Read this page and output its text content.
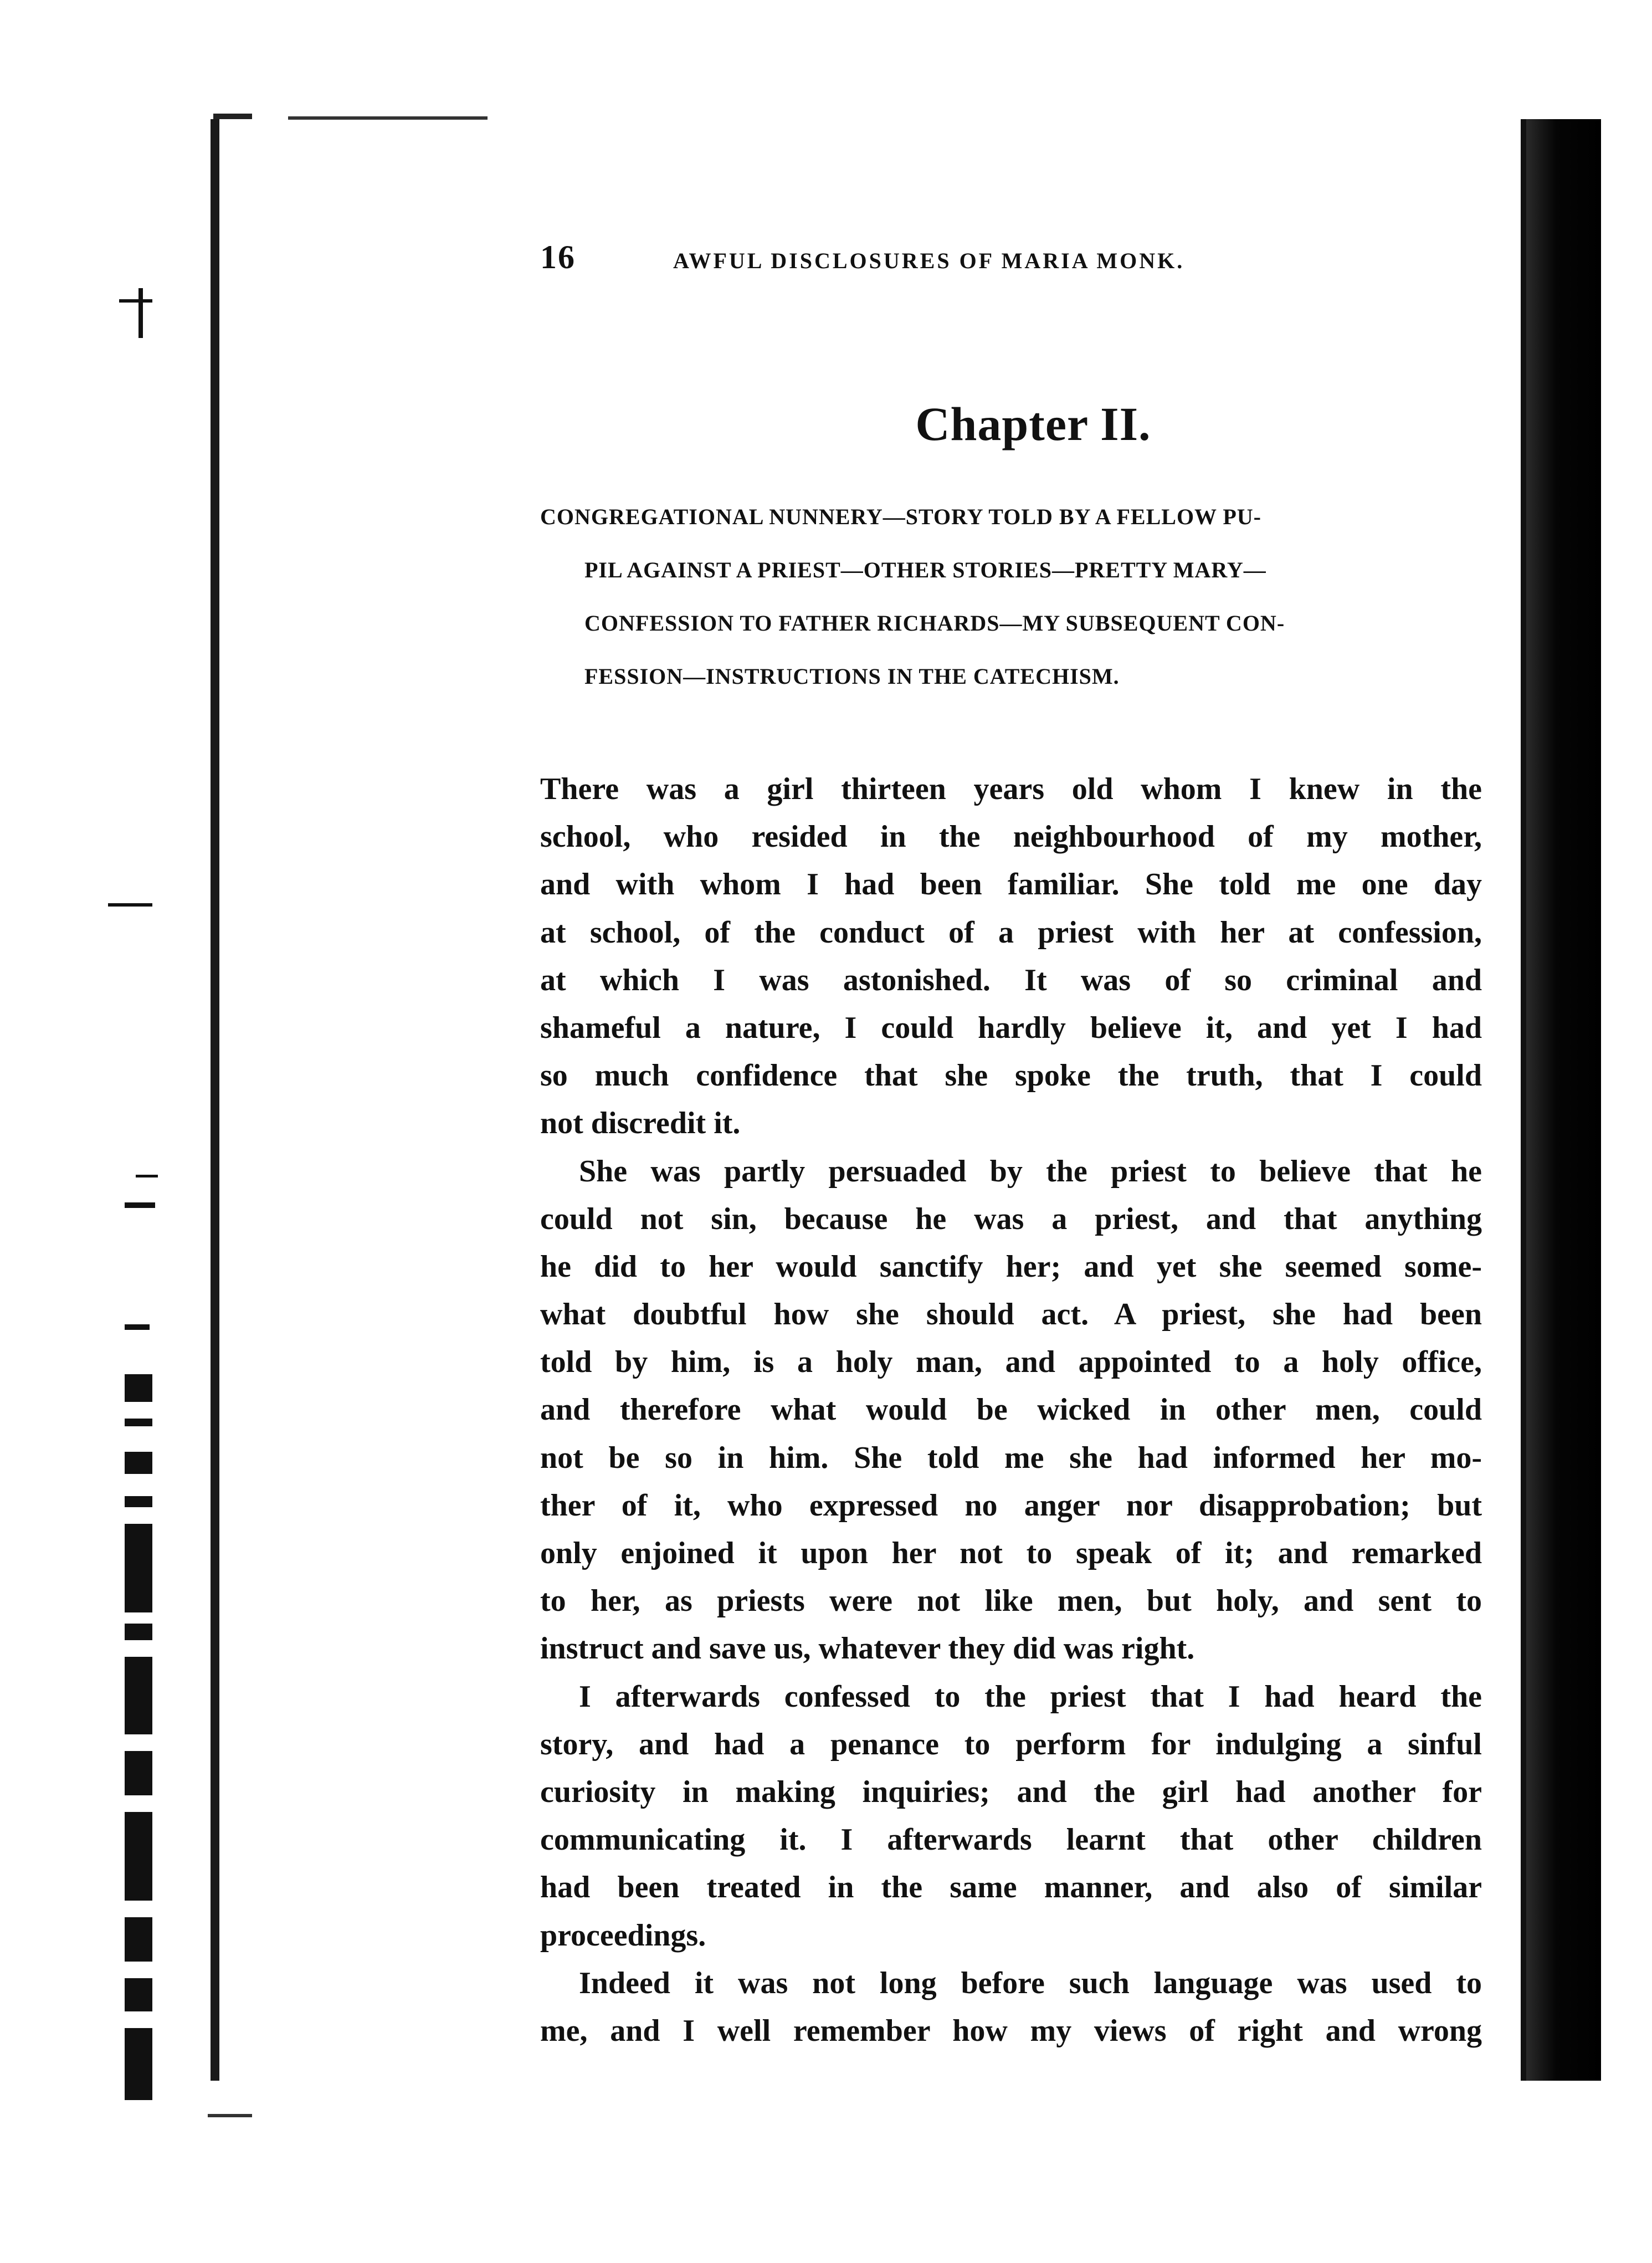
16	AWFUL DISCLOSURES OF MARIA MONK.
Chapter II.
CONGREGATIONAL NUNNERY—STORY TOLD BY A FELLOW PU-
PIL AGAINST A PRIEST—OTHER STORIES—PRETTY MARY—
CONFESSION TO FATHER RICHARDS—MY SUBSEQUENT CON-
FESSION—INSTRUCTIONS IN THE CATECHISM.
There was a girl thirteen years old whom I knew in the
school, who resided in the neighbourhood of my mother,
and with whom I had been familiar. She told me one day
at school, of the conduct of a priest with her at confession,
at which I was astonished. It was of so criminal and
shameful a nature, I could hardly believe it, and yet I had
so much confidence that she spoke the truth, that I could
not discredit it.
She was partly persuaded by the priest to believe that he
could not sin, because he was a priest, and that anything
he did to her would sanctify her; and yet she seemed some-
what doubtful how she should act. A priest, she had been
told by him, is a holy man, and appointed to a holy office,
and therefore what would be wicked in other men, could
not be so in him. She told me she had informed her mo-
ther of it, who expressed no anger nor disapprobation; but
only enjoined it upon her not to speak of it; and remarked
to her, as priests were not like men, but holy, and sent to
instruct and save us, whatever they did was right.
I afterwards confessed to the priest that I had heard the
story, and had a penance to perform for indulging a sinful
curiosity in making inquiries; and the girl had another for
communicating it. I afterwards learnt that other children
had been treated in the same manner, and also of similar
proceedings.
Indeed it was not long before such language was used to
me, and I well remember how my views of right and wrong
